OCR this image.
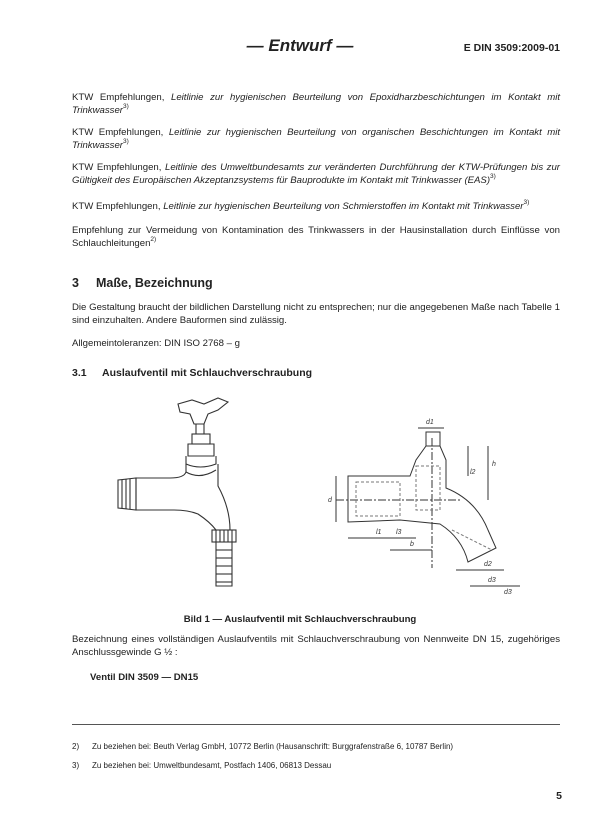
— Entwurf —	E DIN 3509:2009-01

KTW Empfehlungen, Leitlinie zur hygienischen Beurteilung von Epoxidharzbeschichtungen im Kontakt mit Trinkwasser$^{3)}$

KTW Empfehlungen, Leitlinie zur hygienischen Beurteilung von organischen Beschichtungen im Kontakt mit Trinkwasser$^{3)}$

KTW Empfehlungen, Leitlinie des Umweltbundesamts zur veränderten Durchführung der KTW-Prüfungen bis zur Gültigkeit des Europäischen Akzeptanzsystems für Bauprodukte im Kontakt mit Trinkwasser (EAS)$^{3)}$

KTW Empfehlungen, Leitlinie zur hygienischen Beurteilung von Schmierstoffen im Kontakt mit Trinkwasser$^{3)}$

Empfehlung zur Vermeidung von Kontamination des Trinkwassers in der Hausinstallation durch Einflüsse von Schlauchleitungen$^{2)}$

3 Maße, Bezeichnung

Die Gestaltung braucht der bildlichen Darstellung nicht zu entsprechen; nur die angegebenen Maße nach Tabelle 1 sind einzuhalten. Andere Bauformen sind zulässig.

Allgemeintoleranzen: DIN ISO 2768 – g

3.1 Auslaufventil mit Schlauchverschraubung
d1
h
l2
d
l3
l1
b
d2
d3
d3
Bild 1 — Auslaufventil mit Schlauchverschraubung

Bezeichnung eines vollständigen Auslaufventils mit Schlauchverschraubung von Nennweite DN 15, zugehöriges Anschlussgewinde G ½ :

Ventil DIN 3509 — DN15
2) Zu beziehen bei: Beuth Verlag GmbH, 10772 Berlin (Hausanschrift: Burggrafenstraße 6, 10787 Berlin)
3) Zu beziehen bei: Umweltbundesamt, Postfach 1406, 06813 Dessau
5
